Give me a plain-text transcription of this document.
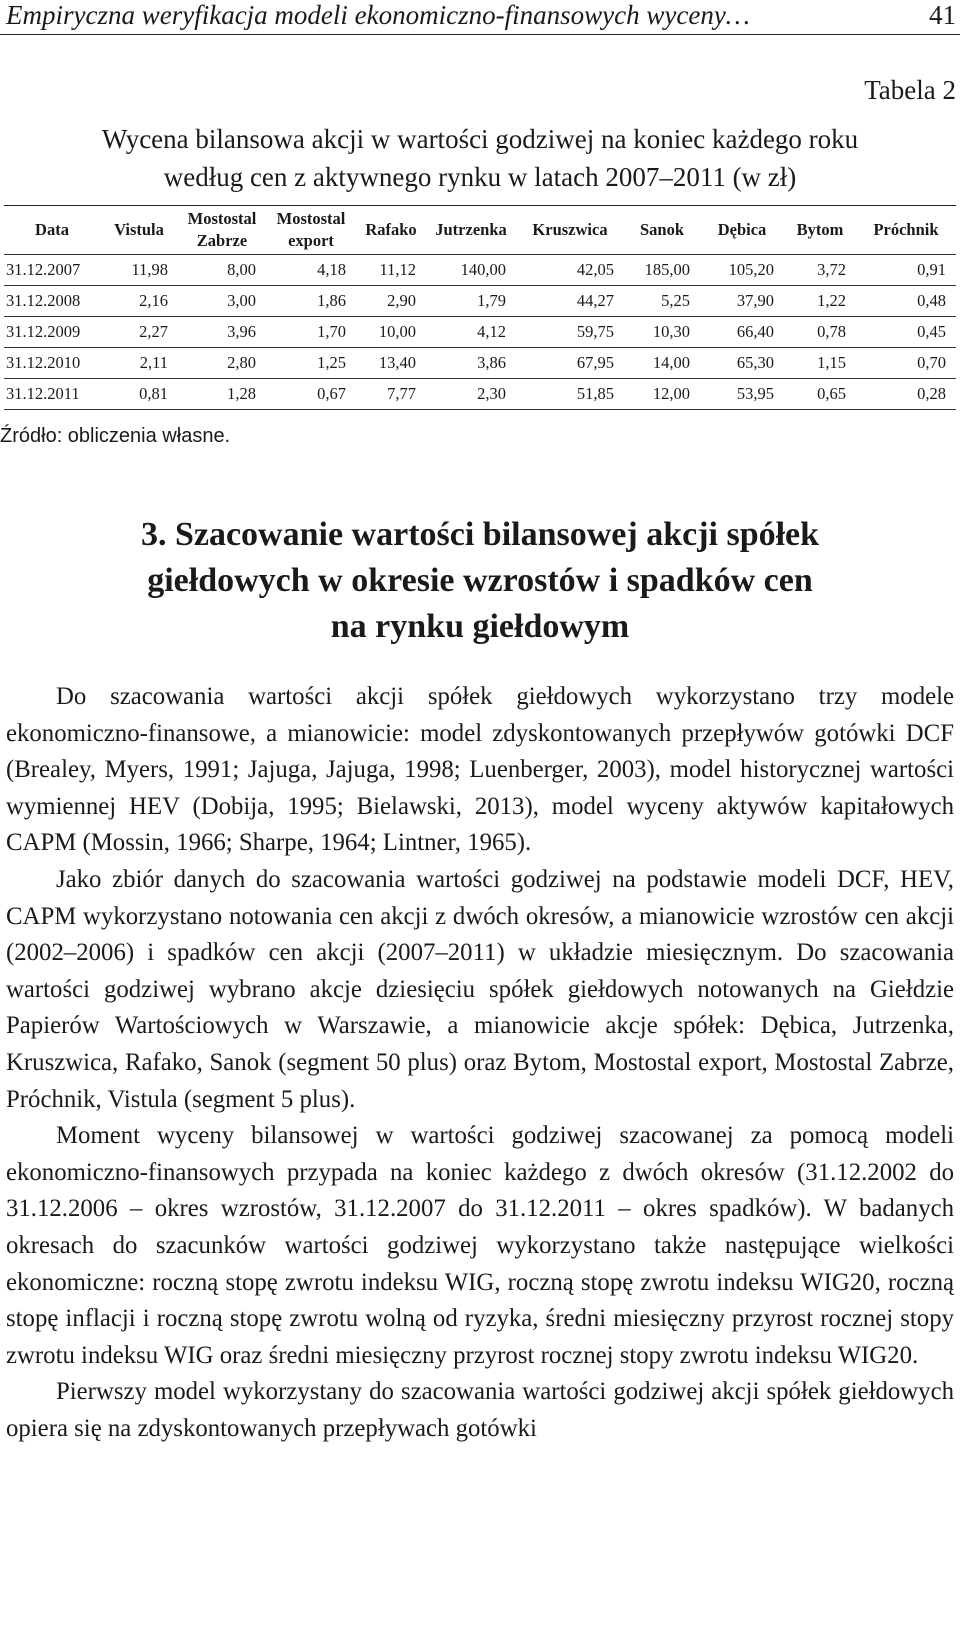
Empiryczna weryfikacja modeli ekonomiczno-finansowych wyceny…	41
Tabela 2
Wycena bilansowa akcji w wartości godziwej na koniec każdego roku
według cen z aktywnego rynku w latach 2007–2011 (w zł)
Data	Vistula	Mostostal Zabrze	Mostostal export	Rafako	Jutrzenka	Kruszwica	Sanok	Dębica	Bytom	Próchnik
31.12.2007	11,98	8,00	4,18	11,12	140,00	42,05	185,00	105,20	3,72	0,91
31.12.2008	2,16	3,00	1,86	2,90	1,79	44,27	5,25	37,90	1,22	0,48
31.12.2009	2,27	3,96	1,70	10,00	4,12	59,75	10,30	66,40	0,78	0,45
31.12.2010	2,11	2,80	1,25	13,40	3,86	67,95	14,00	65,30	1,15	0,70
31.12.2011	0,81	1,28	0,67	7,77	2,30	51,85	12,00	53,95	0,65	0,28
Źródło: obliczenia własne.
3. Szacowanie wartości bilansowej akcji spółek
giełdowych w okresie wzrostów i spadków cen
na rynku giełdowym

Do szacowania wartości akcji spółek giełdowych wykorzystano trzy modele ekonomiczno-finansowe, a mianowicie: model zdyskontowanych przepływów gotówki DCF (Brealey, Myers, 1991; Jajuga, Jajuga, 1998; Luenberger, 2003), model historycznej wartości wymiennej HEV (Dobija, 1995; Bielawski, 2013), model wyceny aktywów kapitałowych CAPM (Mossin, 1966; Sharpe, 1964; Lintner, 1965).

Jako zbiór danych do szacowania wartości godziwej na podstawie modeli DCF, HEV, CAPM wykorzystano notowania cen akcji z dwóch okresów, a mianowicie wzrostów cen akcji (2002–2006) i spadków cen akcji (2007–2011) w układzie miesięcznym. Do szacowania wartości godziwej wybrano akcje dziesięciu spółek giełdowych notowanych na Giełdzie Papierów Wartościowych w Warszawie, a mianowicie akcje spółek: Dębica, Jutrzenka, Kruszwica, Rafako, Sanok (segment 50 plus) oraz Bytom, Mostostal export, Mostostal Zabrze, Próchnik, Vistula (segment 5 plus).

Moment wyceny bilansowej w wartości godziwej szacowanej za pomocą modeli ekonomiczno-finansowych przypada na koniec każdego z dwóch okresów (31.12.2002 do 31.12.2006 – okres wzrostów, 31.12.2007 do 31.12.2011 – okres spadków). W badanych okresach do szacunków wartości godziwej wykorzystano także następujące wielkości ekonomiczne: roczną stopę zwrotu indeksu WIG, roczną stopę zwrotu indeksu WIG20, roczną stopę inflacji i roczną stopę zwrotu wolną od ryzyka, średni miesięczny przyrost rocznej stopy zwrotu indeksu WIG oraz średni miesięczny przyrost rocznej stopy zwrotu indeksu WIG20.

Pierwszy model wykorzystany do szacowania wartości godziwej akcji spółek giełdowych opiera się na zdyskontowanych przepływach gotówki
